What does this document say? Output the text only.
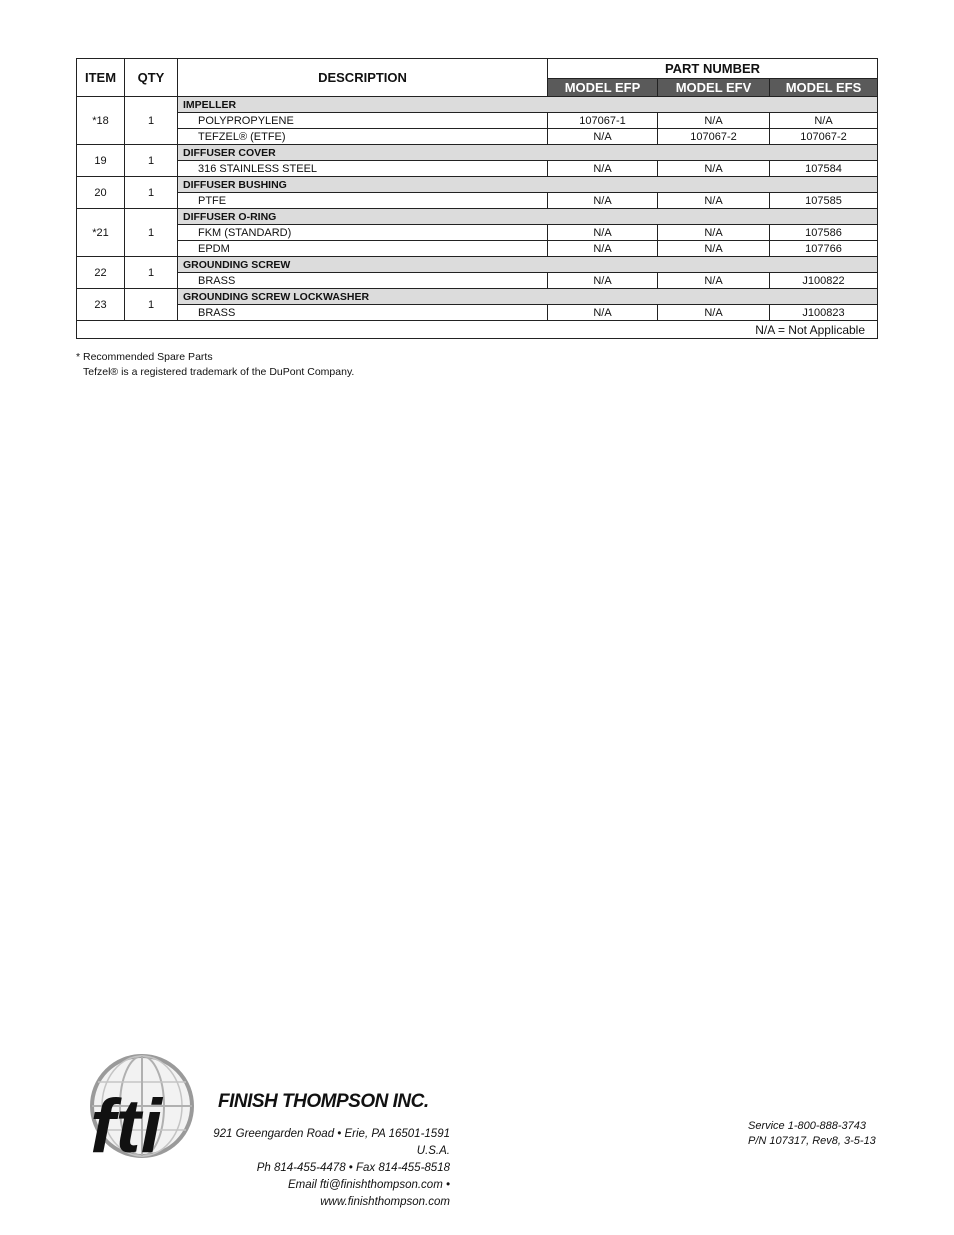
ITEM	QTY	DESCRIPTION	PART NUMBER		
			MODEL EFP	MODEL EFV	MODEL EFS
*18	1	IMPELLER			
		POLYPROPYLENE	107067-1	N/A	N/A
		TEFZEL® (ETFE)	N/A	107067-2	107067-2
19	1	DIFFUSER COVER			
		316 STAINLESS STEEL	N/A	N/A	107584
20	1	DIFFUSER BUSHING			
		PTFE	N/A	N/A	107585
*21	1	DIFFUSER O-RING			
		FKM (STANDARD)	N/A	N/A	107586
		EPDM	N/A	N/A	107766
22	1	GROUNDING SCREW			
		BRASS	N/A	N/A	J100822
23	1	GROUNDING SCREW LOCKWASHER			
		BRASS	N/A	N/A	J100823
N/A = Not Applicable					
* Recommended Spare Parts
Tefzel® is a registered trademark of the DuPont Company.
fti	FINISH THOMPSON INC.
921 Greengarden Road • Erie, PA 16501-1591 U.S.A.
Ph 814-455-4478 • Fax 814-455-8518
Email fti@finishthompson.com • www.finishthompson.com
Service 1-800-888-3743
P/N 107317, Rev8, 3-5-13
